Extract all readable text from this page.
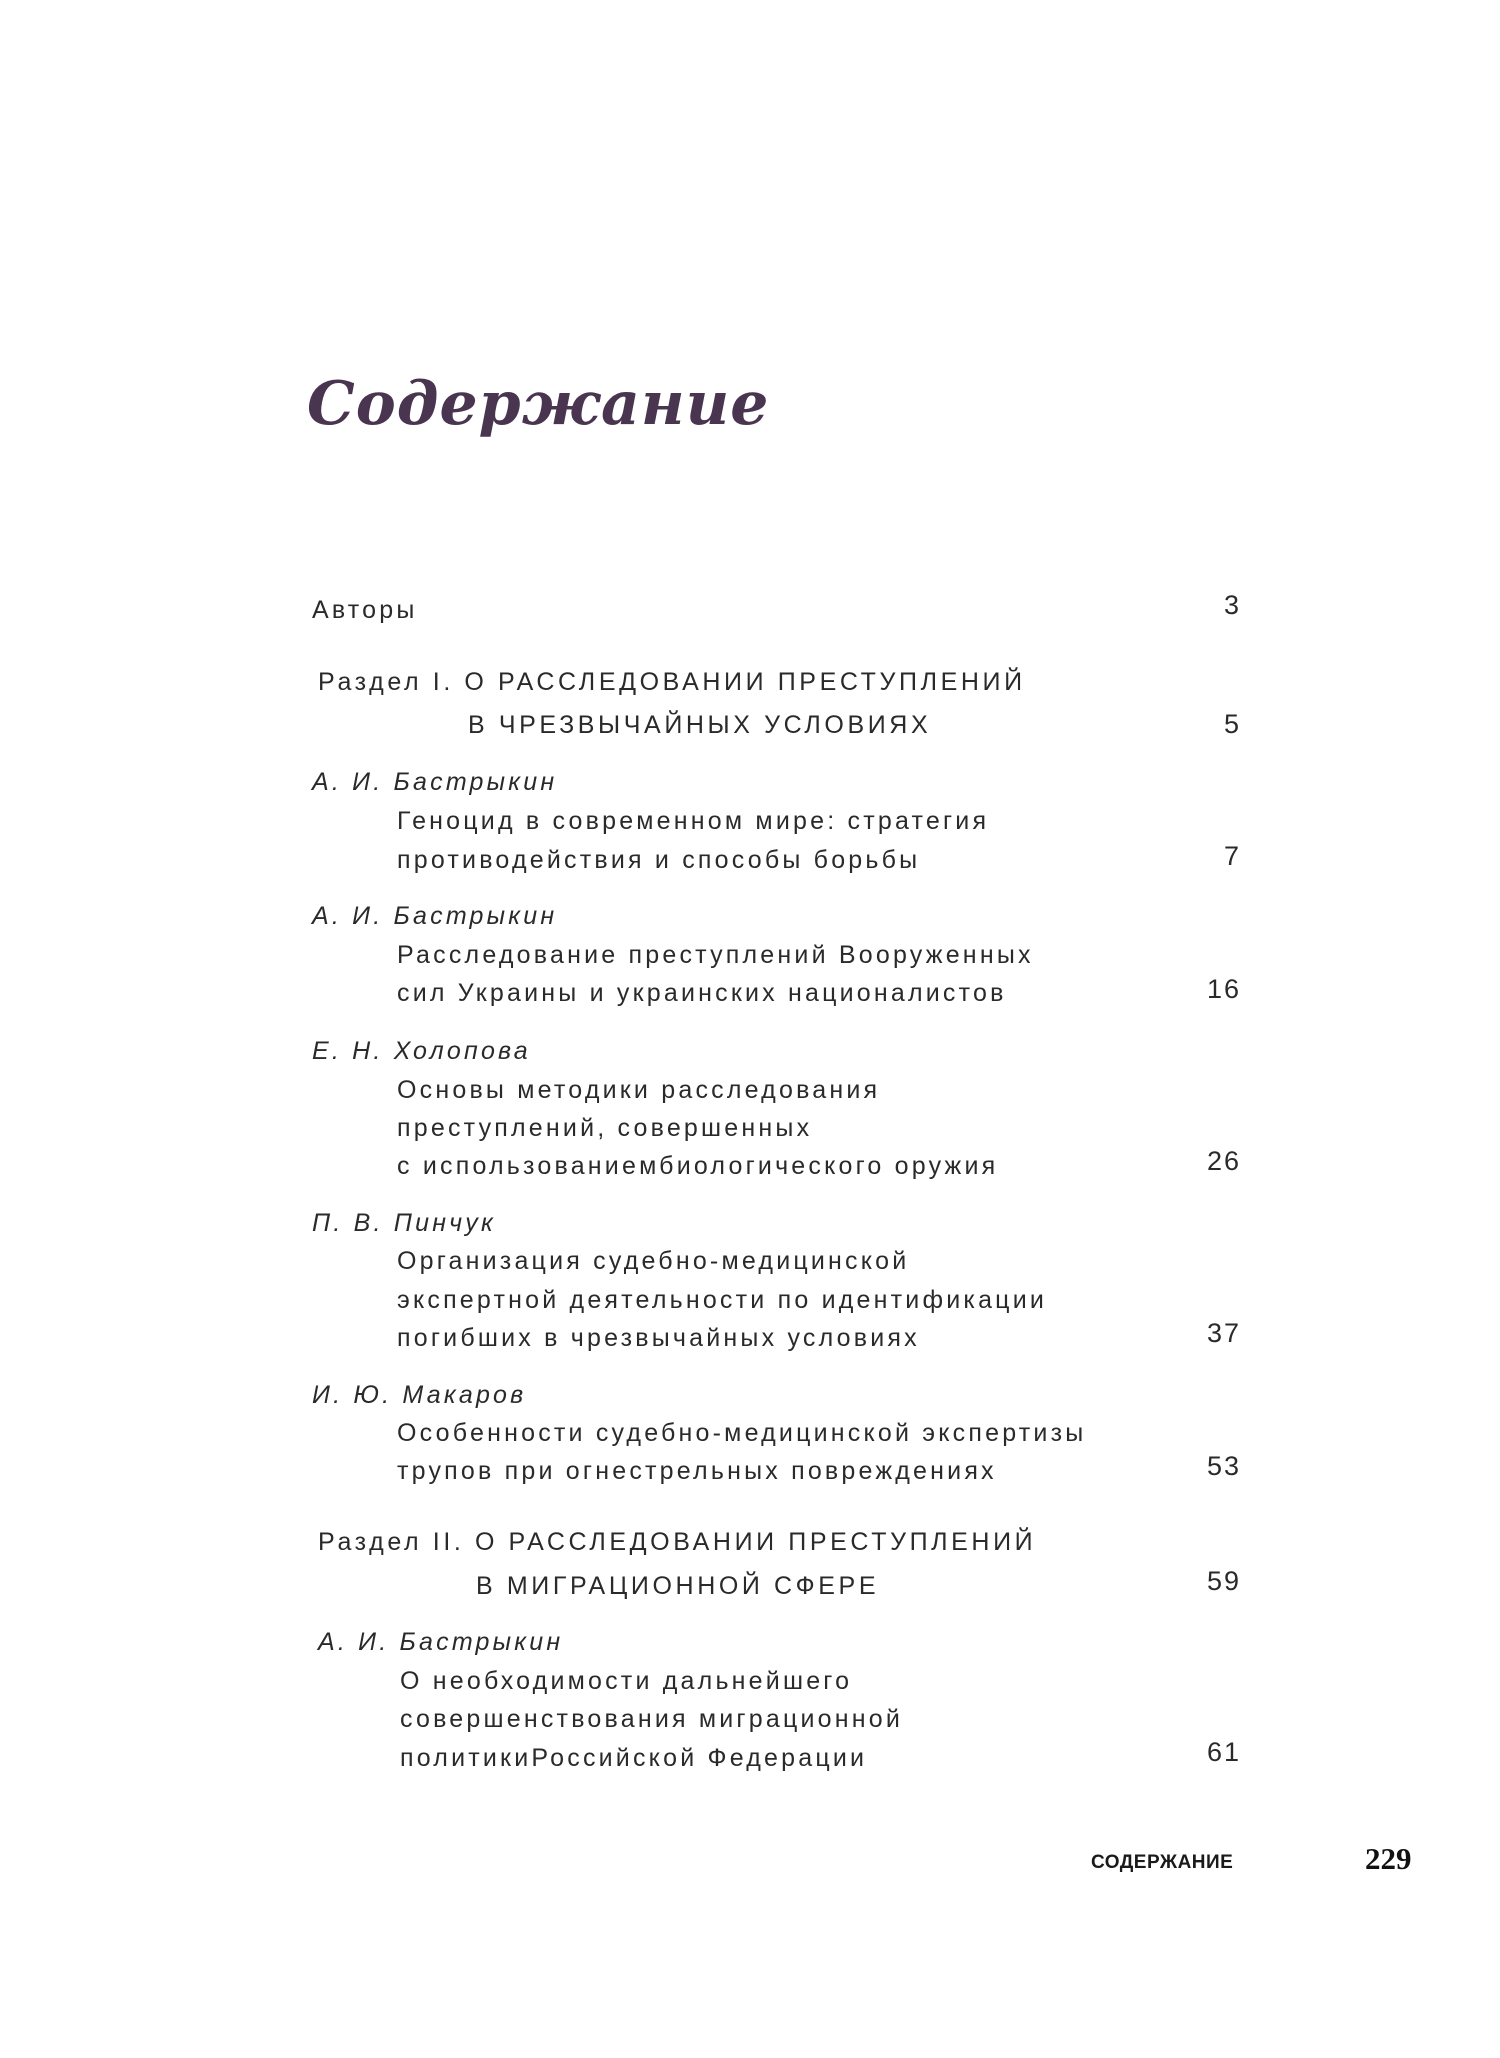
Содержание
Авторы	3
Раздел I. О РАССЛЕДОВАНИИ ПРЕСТУПЛЕНИЙ
В ЧРЕЗВЫЧАЙНЫХ УСЛОВИЯХ	5
А. И. Бастрыкин
Геноцид в современном мире: стратегия
противодействия и способы борьбы	7
А. И. Бастрыкин
Расследование преступлений Вооруженных
сил Украины и украинских националистов	16
Е. Н. Холопова
Основы методики расследования
преступлений, совершенных
с использованиембиологического оружия	26
П. В. Пинчук
Организация судебно-медицинской
экспертной деятельности по идентификации
погибших в чрезвычайных условиях	37
И. Ю. Макаров
Особенности судебно-медицинской экспертизы
трупов при огнестрельных повреждениях	53
Раздел II. О РАССЛЕДОВАНИИ ПРЕСТУПЛЕНИЙ
В МИГРАЦИОННОЙ СФЕРЕ	59
А. И. Бастрыкин
О необходимости дальнейшего
совершенствования миграционной
политикиРоссийской Федерации	61
СОДЕРЖАНИЕ	229
